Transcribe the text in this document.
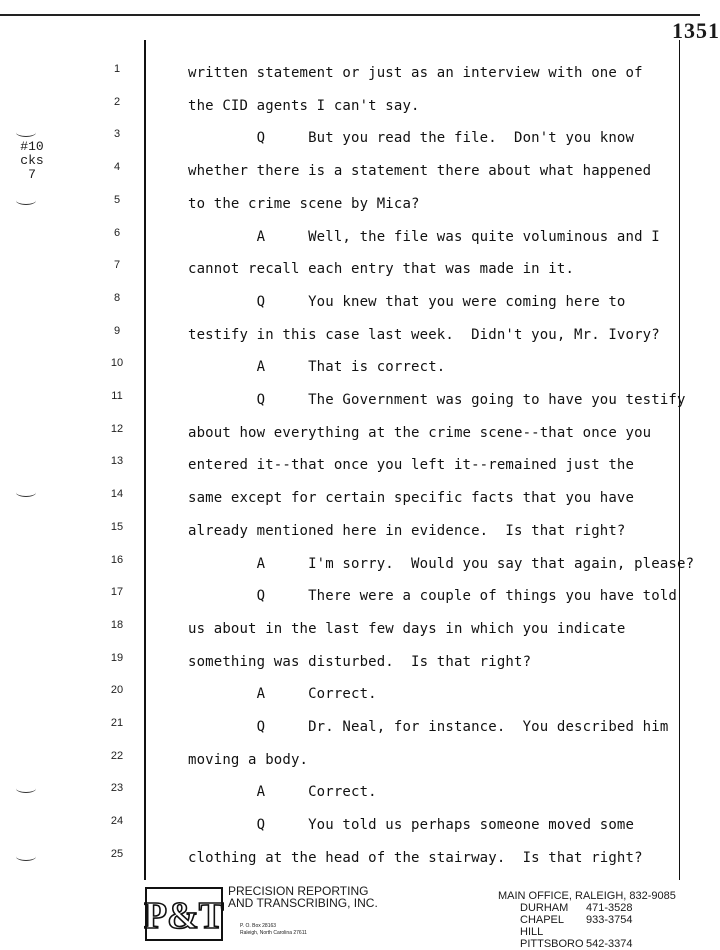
1351
#10
cks
7
1
2
3
4
5
6
7
8
9
10
11
12
13
14
15
16
17
18
19
20
21
22
23
24
25
written statement or just as an interview with one of
the CID agents I can't say.
Q     But you read the file.  Don't you know
whether there is a statement there about what happened
to the crime scene by Mica?
A     Well, the file was quite voluminous and I
cannot recall each entry that was made in it.
Q     You knew that you were coming here to
testify in this case last week.  Didn't you, Mr. Ivory?
A     That is correct.
Q     The Government was going to have you testify
about how everything at the crime scene--that once you
entered it--that once you left it--remained just the
same except for certain specific facts that you have
already mentioned here in evidence.  Is that right?
A     I'm sorry.  Would you say that again, please?
Q     There were a couple of things you have told
us about in the last few days in which you indicate
something was disturbed.  Is that right?
A     Correct.
Q     Dr. Neal, for instance.  You described him
moving a body.
A     Correct.
Q     You told us perhaps someone moved some
clothing at the head of the stairway.  Is that right?
P&T
PRECISION REPORTING
AND TRANSCRIBING, INC.
P. O. Box 28163
Raleigh, North Carolina 27611
MAIN OFFICE, RALEIGH, 832-9085
DURHAM	471-3528
CHAPEL HILL
933-3754
PITTSBORO 542-3374
